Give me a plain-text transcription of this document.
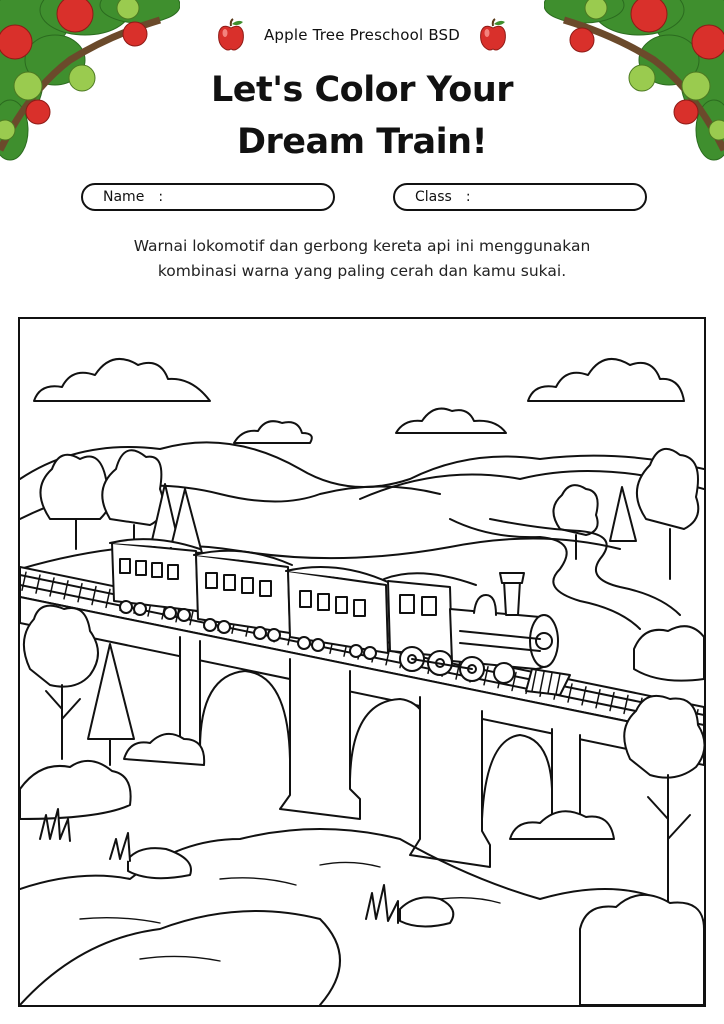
Apple Tree Preschool BSD
Let's Color Your
Dream Train!
Name :	Class :
Warnai lokomotif dan gerbong kereta api ini menggunakan
kombinasi warna yang paling cerah dan kamu sukai.
